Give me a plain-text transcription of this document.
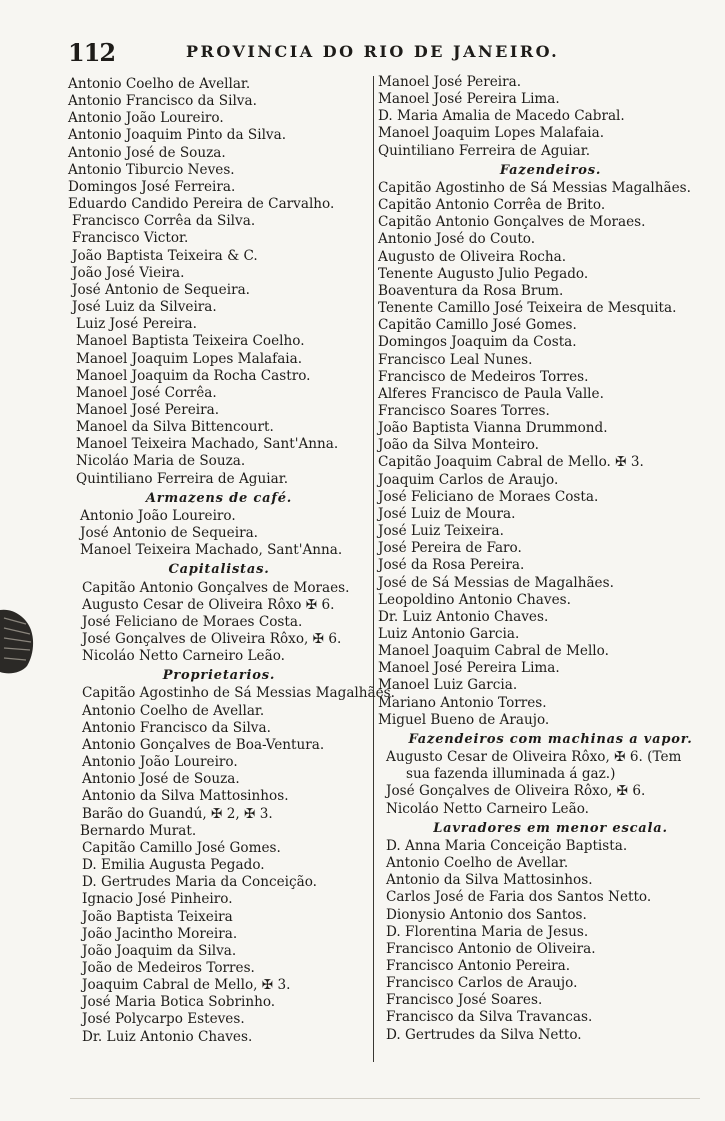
112	PROVINCIA DO RIO DE JANEIRO.
Antonio Coelho de Avellar.
Antonio Francisco da Silva.
Antonio João Loureiro.
Antonio Joaquim Pinto da Silva.
Antonio José de Souza.
Antonio Tiburcio Neves.
Domingos José Ferreira.
Eduardo Candido Pereira de Carvalho.
Francisco Corrêa da Silva.
Francisco Victor.
João Baptista Teixeira & C.
João José Vieira.
José Antonio de Sequeira.
José Luiz da Silveira.
Luiz José Pereira.
Manoel Baptista Teixeira Coelho.
Manoel Joaquim Lopes Malafaia.
Manoel Joaquim da Rocha Castro.
Manoel José Corrêa.
Manoel José Pereira.
Manoel da Silva Bittencourt.
Manoel Teixeira Machado, Sant'Anna.
Nicoláo Maria de Souza.
Quintiliano Ferreira de Aguiar.
Armazens de café.
Antonio João Loureiro.
José Antonio de Sequeira.
Manoel Teixeira Machado, Sant'Anna.
Capitalistas.
Capitão Antonio Gonçalves de Moraes.
Augusto Cesar de Oliveira Rôxo ✠ 6.
José Feliciano de Moraes Costa.
José Gonçalves de Oliveira Rôxo, ✠ 6.
Nicoláo Netto Carneiro Leão.
Proprietarios.
Capitão Agostinho de Sá Messias Magalhães.
Antonio Coelho de Avellar.
Antonio Francisco da Silva.
Antonio Gonçalves de Boa-Ventura.
Antonio João Loureiro.
Antonio José de Souza.
Antonio da Silva Mattosinhos.
Barão do Guandú, ✠ 2, ✠ 3.
Bernardo Murat.
Capitão Camillo José Gomes.
D. Emilia Augusta Pegado.
D. Gertrudes Maria da Conceição.
Ignacio José Pinheiro.
João Baptista Teixeira
João Jacintho Moreira.
João Joaquim da Silva.
João de Medeiros Torres.
Joaquim Cabral de Mello, ✠ 3.
José Maria Botica Sobrinho.
José Polycarpo Esteves.
Dr. Luiz Antonio Chaves.
Manoel José Pereira.
Manoel José Pereira Lima.
D. Maria Amalia de Macedo Cabral.
Manoel Joaquim Lopes Malafaia.
Quintiliano Ferreira de Aguiar.
Fazendeiros.
Capitão Agostinho de Sá Messias Magalhães.
Capitão Antonio Corrêa de Brito.
Capitão Antonio Gonçalves de Moraes.
Antonio José do Couto.
Augusto de Oliveira Rocha.
Tenente Augusto Julio Pegado.
Boaventura da Rosa Brum.
Tenente Camillo José Teixeira de Mesquita.
Capitão Camillo José Gomes.
Domingos Joaquim da Costa.
Francisco Leal Nunes.
Francisco de Medeiros Torres.
Alferes Francisco de Paula Valle.
Francisco Soares Torres.
João Baptista Vianna Drummond.
João da Silva Monteiro.
Capitão Joaquim Cabral de Mello. ✠ 3.
Joaquim Carlos de Araujo.
José Feliciano de Moraes Costa.
José Luiz de Moura.
José Luiz Teixeira.
José Pereira de Faro.
José da Rosa Pereira.
José de Sá Messias de Magalhães.
Leopoldino Antonio Chaves.
Dr. Luiz Antonio Chaves.
Luiz Antonio Garcia.
Manoel Joaquim Cabral de Mello.
Manoel José Pereira Lima.
Manoel Luiz Garcia.
Mariano Antonio Torres.
Miguel Bueno de Araujo.
Fazendeiros com machinas a vapor.
Augusto Cesar de Oliveira Rôxo, ✠ 6. (Tem
sua fazenda illuminada á gaz.)
José Gonçalves de Oliveira Rôxo, ✠ 6.
Nicoláo Netto Carneiro Leão.
Lavradores em menor escala.
D. Anna Maria Conceição Baptista.
Antonio Coelho de Avellar.
Antonio da Silva Mattosinhos.
Carlos José de Faria dos Santos Netto.
Dionysio Antonio dos Santos.
D. Florentina Maria de Jesus.
Francisco Antonio de Oliveira.
Francisco Antonio Pereira.
Francisco Carlos de Araujo.
Francisco José Soares.
Francisco da Silva Travancas.
D. Gertrudes da Silva Netto.
